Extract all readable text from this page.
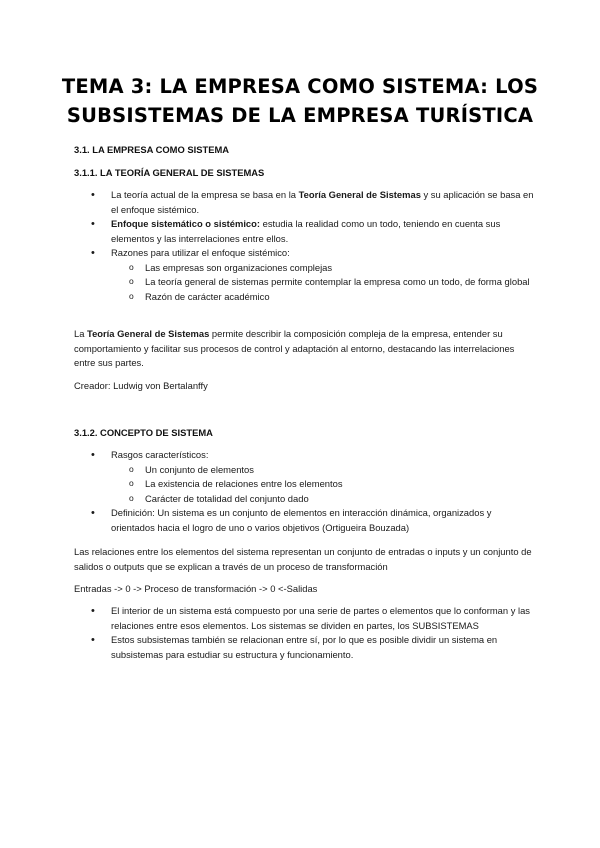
TEMA 3: LA EMPRESA COMO SISTEMA: LOS
SUBSISTEMAS DE LA EMPRESA TURÍSTICA
3.1. LA EMPRESA COMO SISTEMA
3.1.1. LA TEORÍA GENERAL DE SISTEMAS
• La teoría actual de la empresa se basa en la Teoría General de Sistemas y su aplicación se basa en el enfoque sistémico.
• Enfoque sistemático o sistémico: estudia la realidad como un todo, teniendo en cuenta sus elementos y las interrelaciones entre ellos.
• Razones para utilizar el enfoque sistémico:
o Las empresas son organizaciones complejas
o La teoría general de sistemas permite contemplar la empresa como un todo, de forma global
o Razón de carácter académico
La Teoría General de Sistemas permite describir la composición compleja de la empresa, entender su comportamiento y facilitar sus procesos de control y adaptación al entorno, destacando las interrelaciones entre sus partes.
Creador: Ludwig von Bertalanffy
3.1.2. CONCEPTO DE SISTEMA
• Rasgos característicos:
o Un conjunto de elementos
o La existencia de relaciones entre los elementos
o Carácter de totalidad del conjunto dado
• Definición: Un sistema es un conjunto de elementos en interacción dinámica, organizados y orientados hacia el logro de uno o varios objetivos (Ortigueira Bouzada)
Las relaciones entre los elementos del sistema representan un conjunto de entradas o inputs y un conjunto de salidos o outputs que se explican a través de un proceso de transformación
Entradas -> 0 -> Proceso de transformación -> 0 <-Salidas
• El interior de un sistema está compuesto por una serie de partes o elementos que lo conforman y las relaciones entre esos elementos. Los sistemas se dividen en partes, los SUBSISTEMAS
• Estos subsistemas también se relacionan entre sí, por lo que es posible dividir un sistema en subsistemas para estudiar su estructura y funcionamiento.
